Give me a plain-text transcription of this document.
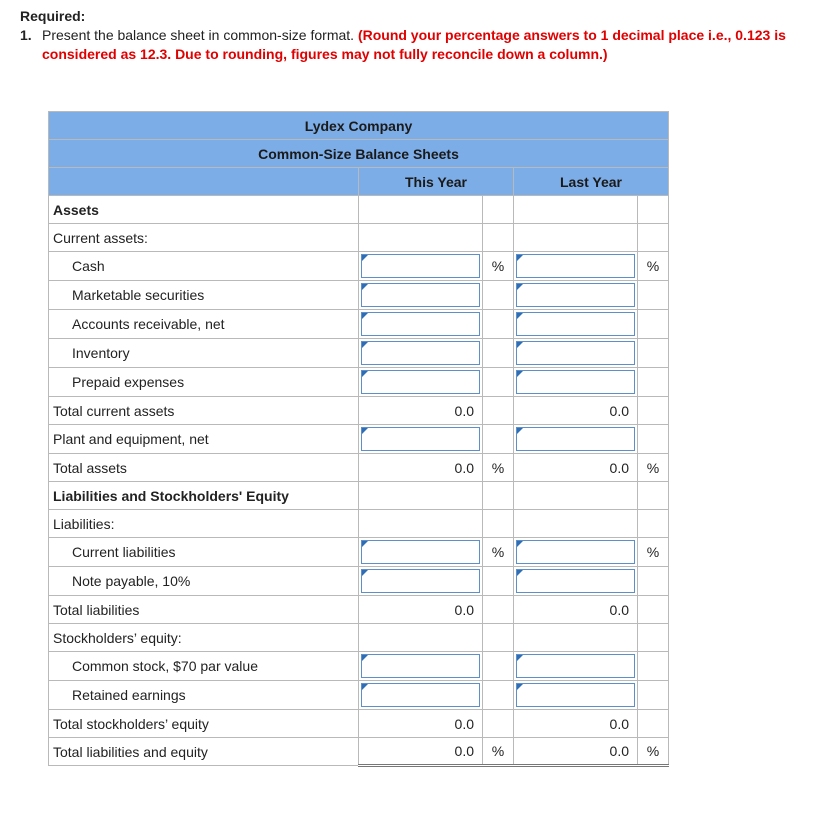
Required:
1. Present the balance sheet in common-size format. (Round your percentage answers to 1 decimal place i.e., 0.123 is considered as 12.3. Due to rounding, figures may not fully reconcile down a column.)
Lydex Company				
Common-Size Balance Sheets				
	This Year		Last Year	
Assets				
Current assets:				
Cash		%		%
Marketable securities	

Accounts receivable, net	

Inventory	

Prepaid expenses	

Total current assets	0.0		0.0	
Plant and equipment, net	

Total assets	0.0	%	0.0	%
Liabilities and Stockholders' Equity				
Liabilities:				
Current liabilities		%		%
Note payable, 10%	

Total liabilities	0.0		0.0	
Stockholders’ equity:				
Common stock, $70 par value	

Retained earnings	

Total stockholders’ equity	0.0		0.0	
Total liabilities and equity	0.0	%	0.0	%
